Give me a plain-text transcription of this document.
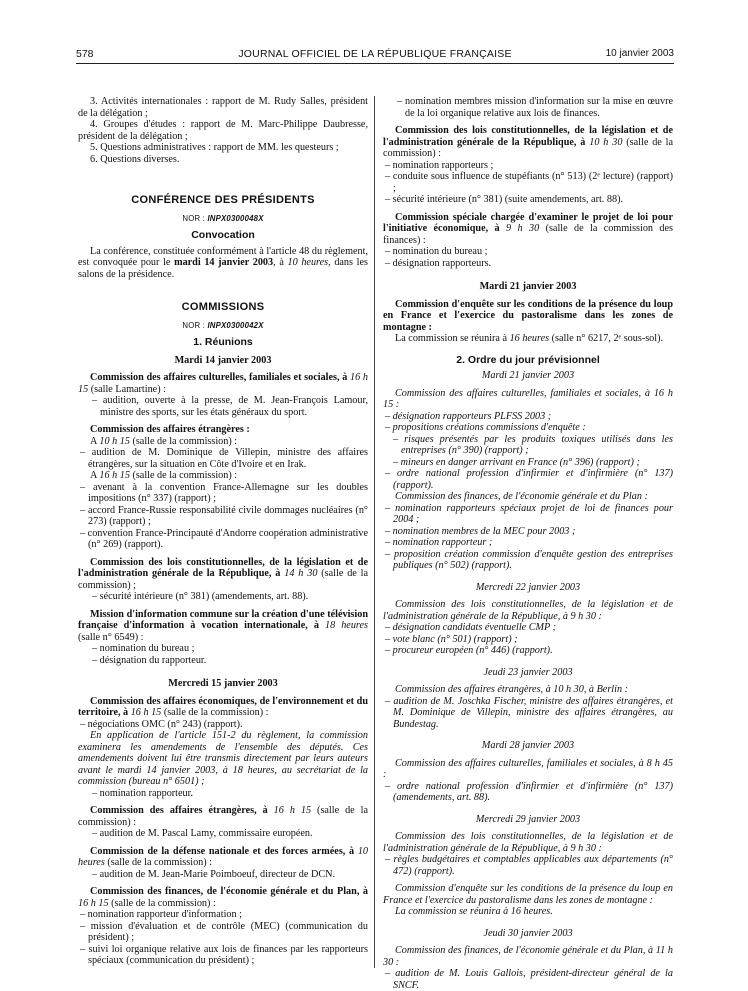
578	JOURNAL OFFICIEL DE LA RÉPUBLIQUE FRANÇAISE	10 janvier 2003

3. Activités internationales : rapport de M. Rudy Salles, président de la délégation ;

4. Groupes d'études : rapport de M. Marc-Philippe Daubresse, président de la délégation ;

5. Questions administratives : rapport de MM. les questeurs ;

6. Questions diverses.

CONFÉRENCE DES PRÉSIDENTS
NOR : INPX0300048X
Convocation

La conférence, constituée conformément à l'article 48 du règlement, est convoquée pour le mardi 14 janvier 2003, à 10 heures, dans les salons de la présidence.

COMMISSIONS
NOR : INPX0300042X
1. Réunions
Mardi 14 janvier 2003

Commission des affaires culturelles, familiales et sociales, à 16 h 15 (salle Lamartine) :

– audition, ouverte à la presse, de M. Jean-François Lamour, ministre des sports, sur les états généraux du sport.

Commission des affaires étrangères :

A 10 h 15 (salle de la commission) :

– audition de M. Dominique de Villepin, ministre des affaires étrangères, sur la situation en Côte d'Ivoire et en Irak.

A 16 h 15 (salle de la commission) :

– avenant à la convention France-Allemagne sur les doubles impositions (n° 337) (rapport) ;

– accord France-Russie responsabilité civile dommages nucléaires (n° 273) (rapport) ;

– convention France-Principauté d'Andorre coopération administrative (n° 269) (rapport).

Commission des lois constitutionnelles, de la législation et de l'administration générale de la République, à 14 h 30 (salle de la commission) ;

– sécurité intérieure (n° 381) (amendements, art. 88).

Mission d'information commune sur la création d'une télévision française d'information à vocation internationale, à 18 heures (salle n° 6549) :

– nomination du bureau ;

– désignation du rapporteur.

Mercredi 15 janvier 2003

Commission des affaires économiques, de l'environnement et du territoire, à 16 h 15 (salle de la commission) :

– négociations OMC (n° 243) (rapport).

En application de l'article 151-2 du règlement, la commission examinera les amendements de l'ensemble des députés. Ces amendements doivent lui être transmis directement par leurs auteurs avant le mardi 14 janvier 2003, à 18 heures, au secrétariat de la commission (bureau n° 6501) ;

– nomination rapporteur.

Commission des affaires étrangères, à 16 h 15 (salle de la commission) :

– audition de M. Pascal Lamy, commissaire européen.

Commission de la défense nationale et des forces armées, à 10 heures (salle de la commission) :

– audition de M. Jean-Marie Poimboeuf, directeur de DCN.

Commission des finances, de l'économie générale et du Plan, à 16 h 15 (salle de la commission) :

– nomination rapporteur d'information ;

– mission d'évaluation et de contrôle (MEC) (communication du président) ;

– suivi loi organique relative aux lois de finances par les rapporteurs spéciaux (communication du président) ;

– nomination membres mission d'information sur la mise en œuvre de la loi organique relative aux lois de finances.

Commission des lois constitutionnelles, de la législation et de l'administration générale de la République, à 10 h 30 (salle de la commission) :

– nomination rapporteurs ;

– conduite sous influence de stupéfiants (n° 513) (2ᵉ lecture) (rapport) ;

– sécurité intérieure (n° 381) (suite amendements, art. 88).

Commission spéciale chargée d'examiner le projet de loi pour l'initiative économique, à 9 h 30 (salle de la commission des finances) :

– nomination du bureau ;

– désignation rapporteurs.

Mardi 21 janvier 2003

Commission d'enquête sur les conditions de la présence du loup en France et l'exercice du pastoralisme dans les zones de montagne :

La commission se réunira à 16 heures (salle n° 6217, 2ᵉ sous-sol).

2. Ordre du jour prévisionnel
Mardi 21 janvier 2003

Commission des affaires culturelles, familiales et sociales, à 16 h 15 :

– désignation rapporteurs PLFSS 2003 ;

– propositions créations commissions d'enquête :

– risques présentés par les produits toxiques utilisés dans les entreprises (n° 390) (rapport) ;

– mineurs en danger arrivant en France (n° 396) (rapport) ;

– ordre national profession d'infirmier et d'infirmière (n° 137) (rapport).

Commission des finances, de l'économie générale et du Plan :

– nomination rapporteurs spéciaux projet de loi de finances pour 2004 ;

– nomination membres de la MEC pour 2003 ;

– nomination rapporteur ;

– proposition création commission d'enquête gestion des entreprises publiques (n° 502) (rapport).

Mercredi 22 janvier 2003

Commission des lois constitutionnelles, de la législation et de l'administration générale de la République, à 9 h 30 :

– désignation candidats éventuelle CMP ;

– vote blanc (n° 501) (rapport) ;

– procureur européen (n° 446) (rapport).

Jeudi 23 janvier 2003

Commission des affaires étrangères, à 10 h 30, à Berlin :

– audition de M. Joschka Fischer, ministre des affaires étrangères, et M. Dominique de Villepin, ministre des affaires étrangères, au Bundestag.

Mardi 28 janvier 2003

Commission des affaires culturelles, familiales et sociales, à 8 h 45 :

– ordre national profession d'infirmier et d'infirmière (n° 137) (amendements, art. 88).

Mercredi 29 janvier 2003

Commission des lois constitutionnelles, de la législation et de l'administration générale de la République, à 9 h 30 :

– règles budgétaires et comptables applicables aux départements (n° 472) (rapport).

Commission d'enquête sur les conditions de la présence du loup en France et l'exercice du pastoralisme dans les zones de montagne :

La commission se réunira à 16 heures.

Jeudi 30 janvier 2003

Commission des finances, de l'économie générale et du Plan, à 11 h 30 :

– audition de M. Louis Gallois, président-directeur général de la SNCF.
